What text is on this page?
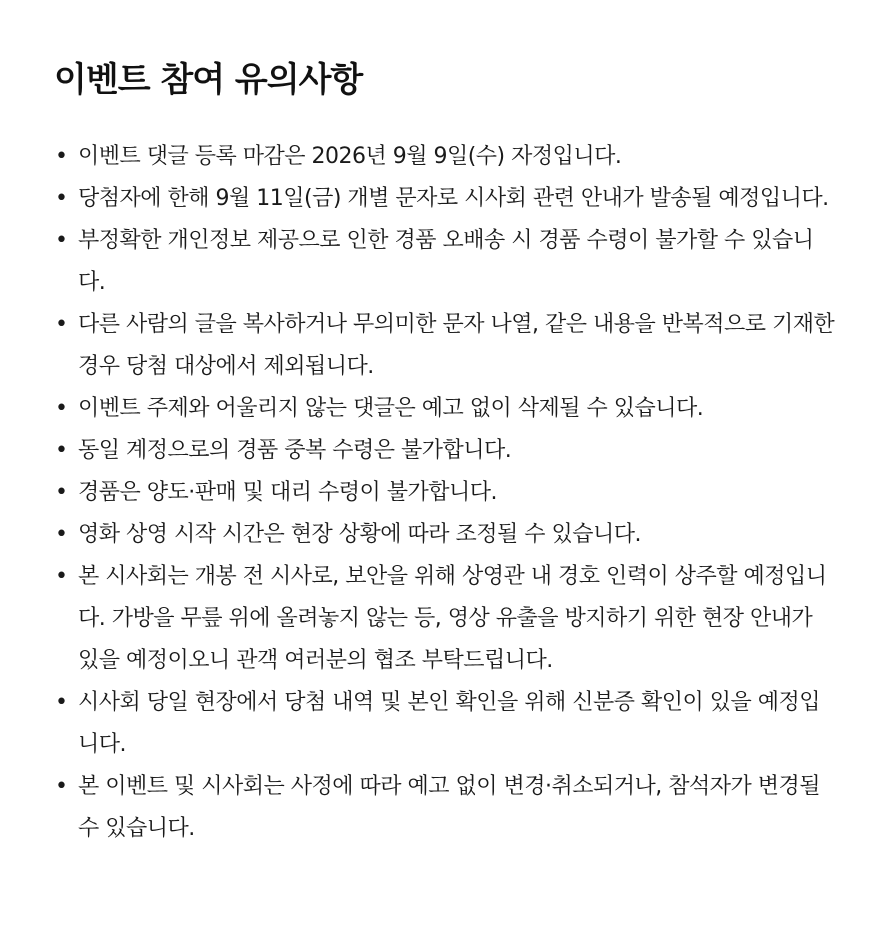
이벤트 참여 유의사항
• 이벤트 댓글 등록 마감은 2026년 9월 9일(수) 자정입니다.
• 당첨자에 한해 9월 11일(금) 개별 문자로 시사회 관련 안내가 발송될 예정입니다.
• 부정확한 개인정보 제공으로 인한 경품 오배송 시 경품 수령이 불가할 수 있습니다.
• 다른 사람의 글을 복사하거나 무의미한 문자 나열, 같은 내용을 반복적으로 기재한 경우 당첨 대상에서 제외됩니다.
• 이벤트 주제와 어울리지 않는 댓글은 예고 없이 삭제될 수 있습니다.
• 동일 계정으로의 경품 중복 수령은 불가합니다.
• 경품은 양도·판매 및 대리 수령이 불가합니다.
• 영화 상영 시작 시간은 현장 상황에 따라 조정될 수 있습니다.
• 본 시사회는 개봉 전 시사로, 보안을 위해 상영관 내 경호 인력이 상주할 예정입니다. 가방을 무릎 위에 올려놓지 않는 등, 영상 유출을 방지하기 위한 현장 안내가 있을 예정이오니 관객 여러분의 협조 부탁드립니다.
• 시사회 당일 현장에서 당첨 내역 및 본인 확인을 위해 신분증 확인이 있을 예정입니다.
• 본 이벤트 및 시사회는 사정에 따라 예고 없이 변경·취소되거나, 참석자가 변경될 수 있습니다.
